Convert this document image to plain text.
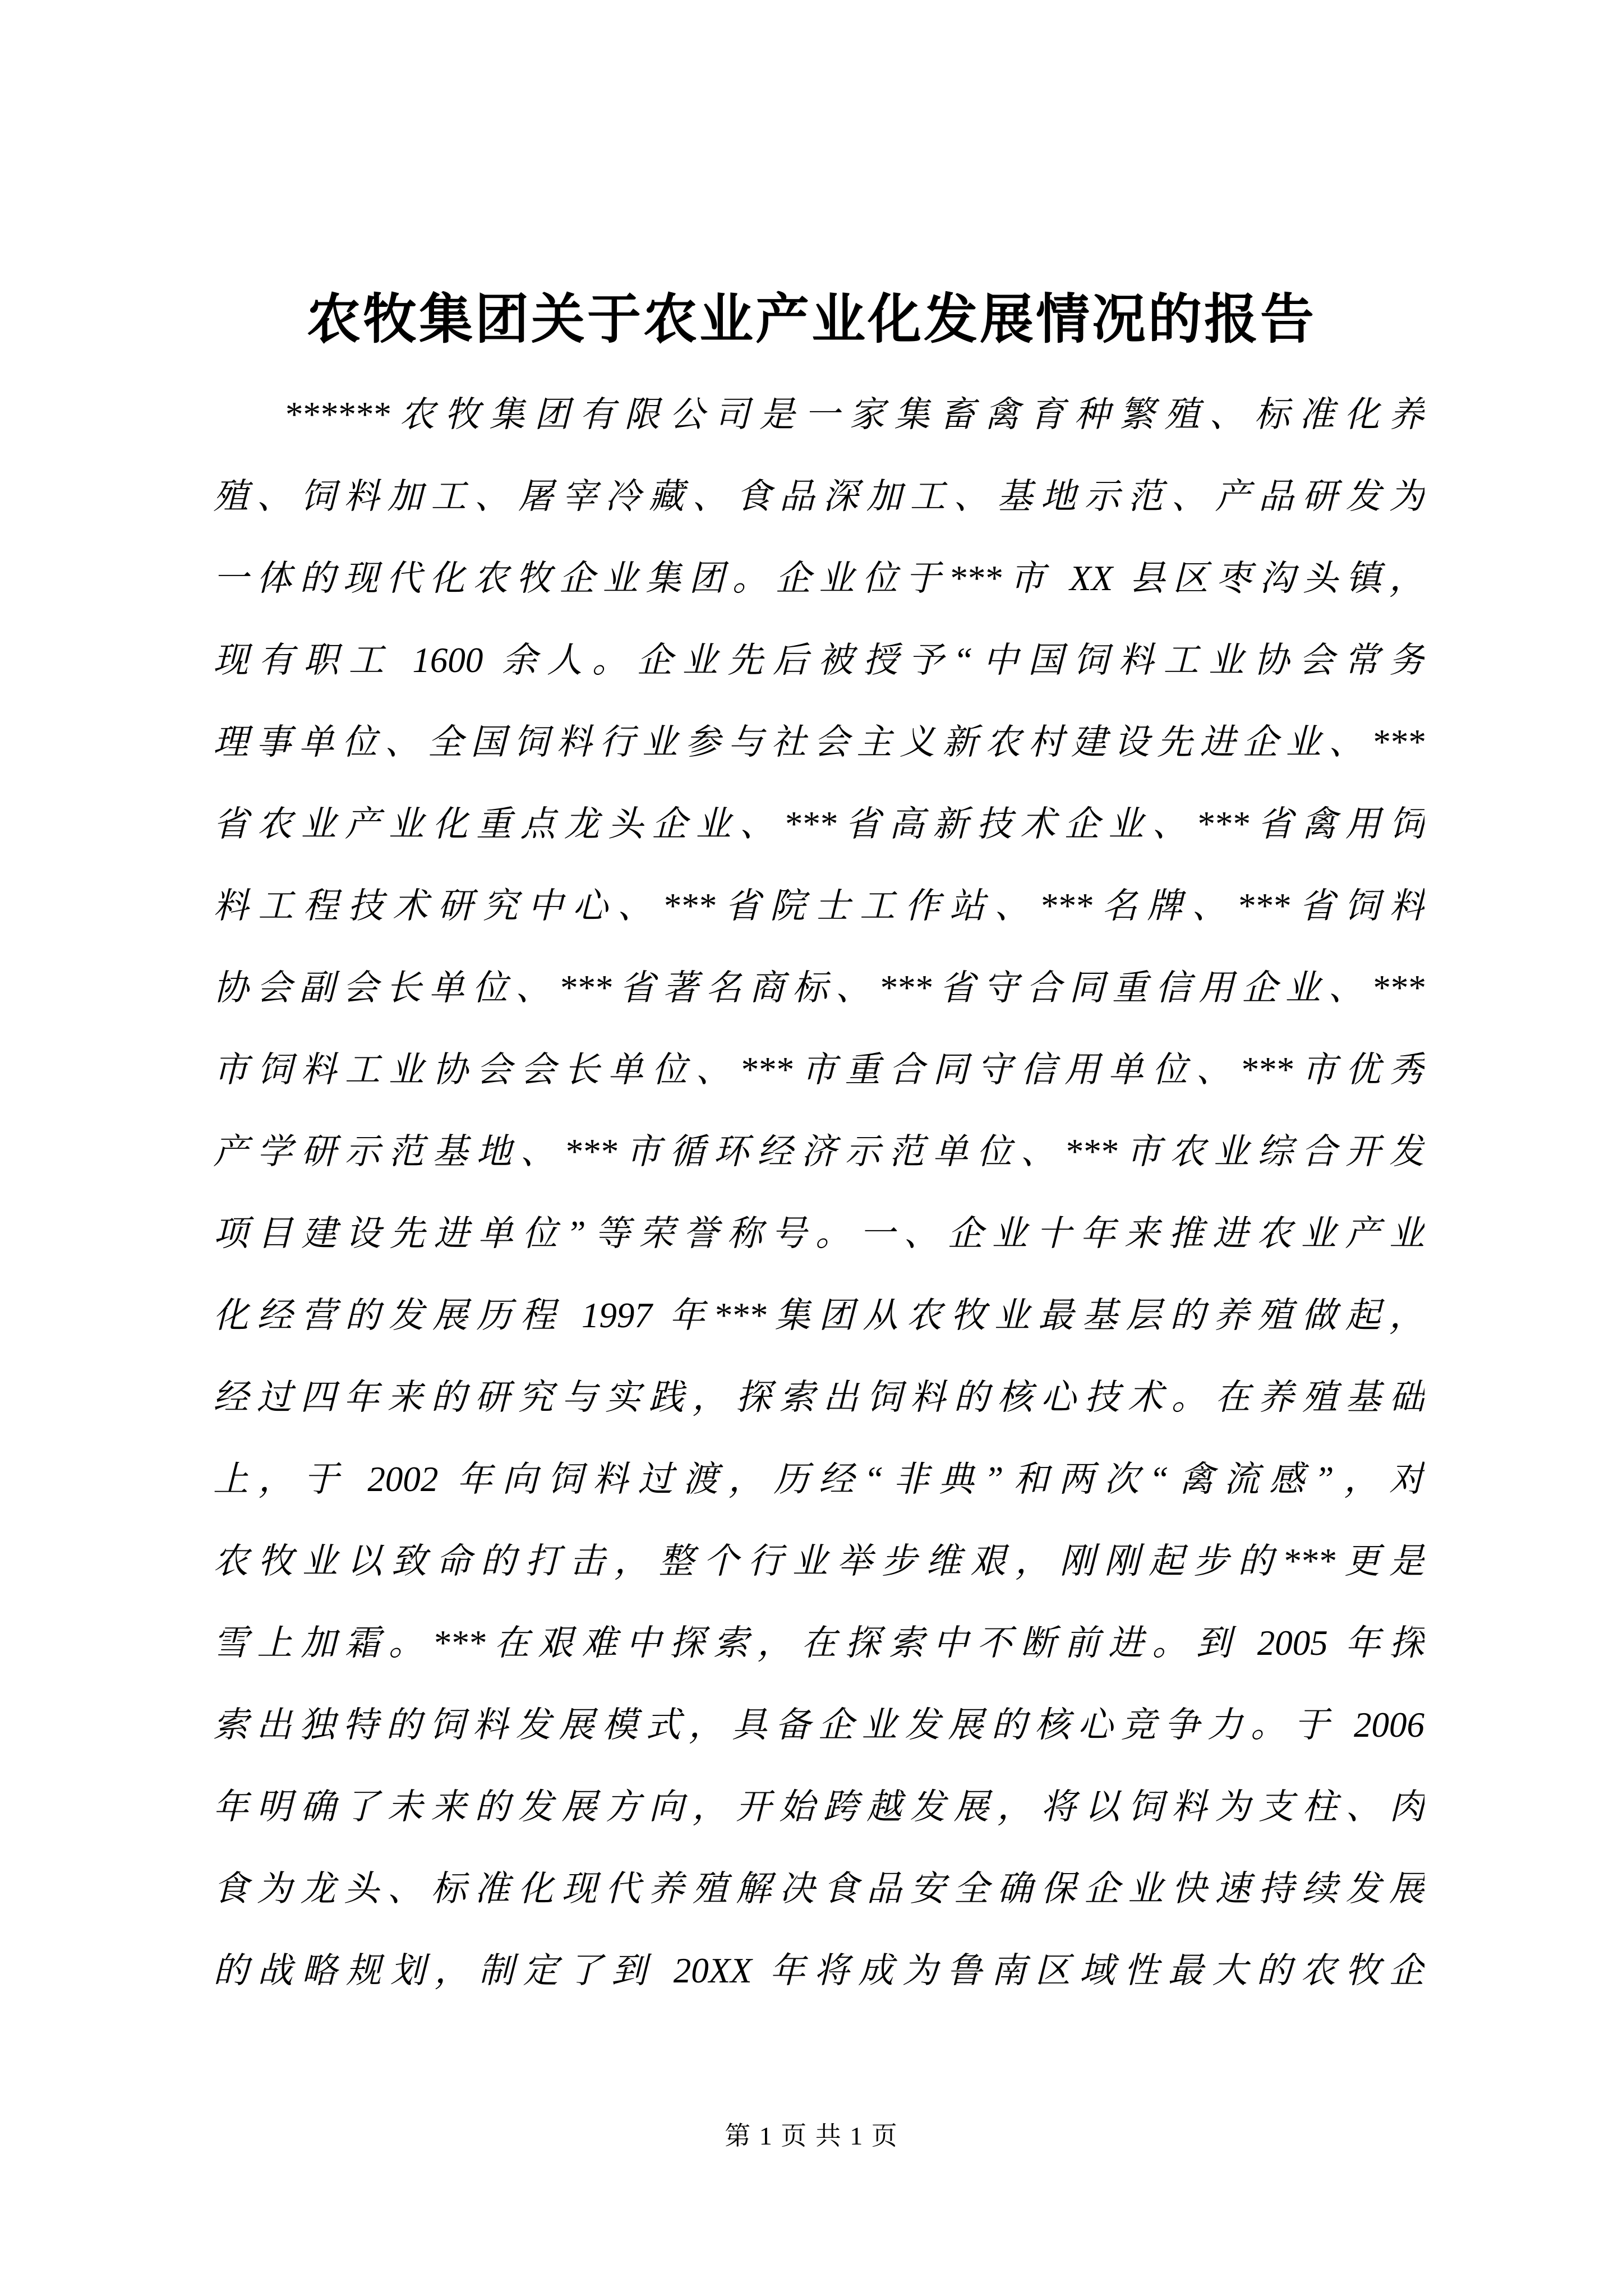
农牧集团关于农业产业化发展情况的报告
******农牧集团有限公司是一家集畜禽育种繁殖、标准化养
殖、饲料加工、屠宰冷藏、食品深加工、基地示范、产品研发为
一体的现代化农牧企业集团。企业位于***市 XX 县区枣沟头镇，
现有职工 1600 余人。企业先后被授予“中国饲料工业协会常务
理事单位、全国饲料行业参与社会主义新农村建设先进企业、***
省农业产业化重点龙头企业、***省高新技术企业、***省禽用饲
料工程技术研究中心、***省院士工作站、***名牌、***省饲料
协会副会长单位、***省著名商标、***省守合同重信用企业、***
市饲料工业协会会长单位、***市重合同守信用单位、***市优秀
产学研示范基地、***市循环经济示范单位、***市农业综合开发
项目建设先进单位”等荣誉称号。一、企业十年来推进农业产业
化经营的发展历程 1997 年***集团从农牧业最基层的养殖做起，
经过四年来的研究与实践，探索出饲料的核心技术。在养殖基础
上，于 2002 年向饲料过渡，历经“非典”和两次“禽流感”，对
农牧业以致命的打击，整个行业举步维艰，刚刚起步的***更是
雪上加霜。***在艰难中探索，在探索中不断前进。到 2005 年探
索出独特的饲料发展模式，具备企业发展的核心竞争力。于 2006
年明确了未来的发展方向，开始跨越发展，将以饲料为支柱、肉
食为龙头、标准化现代养殖解决食品安全确保企业快速持续发展
的战略规划，制定了到 20XX 年将成为鲁南区域性最大的农牧企
第 1 页 共 1 页
